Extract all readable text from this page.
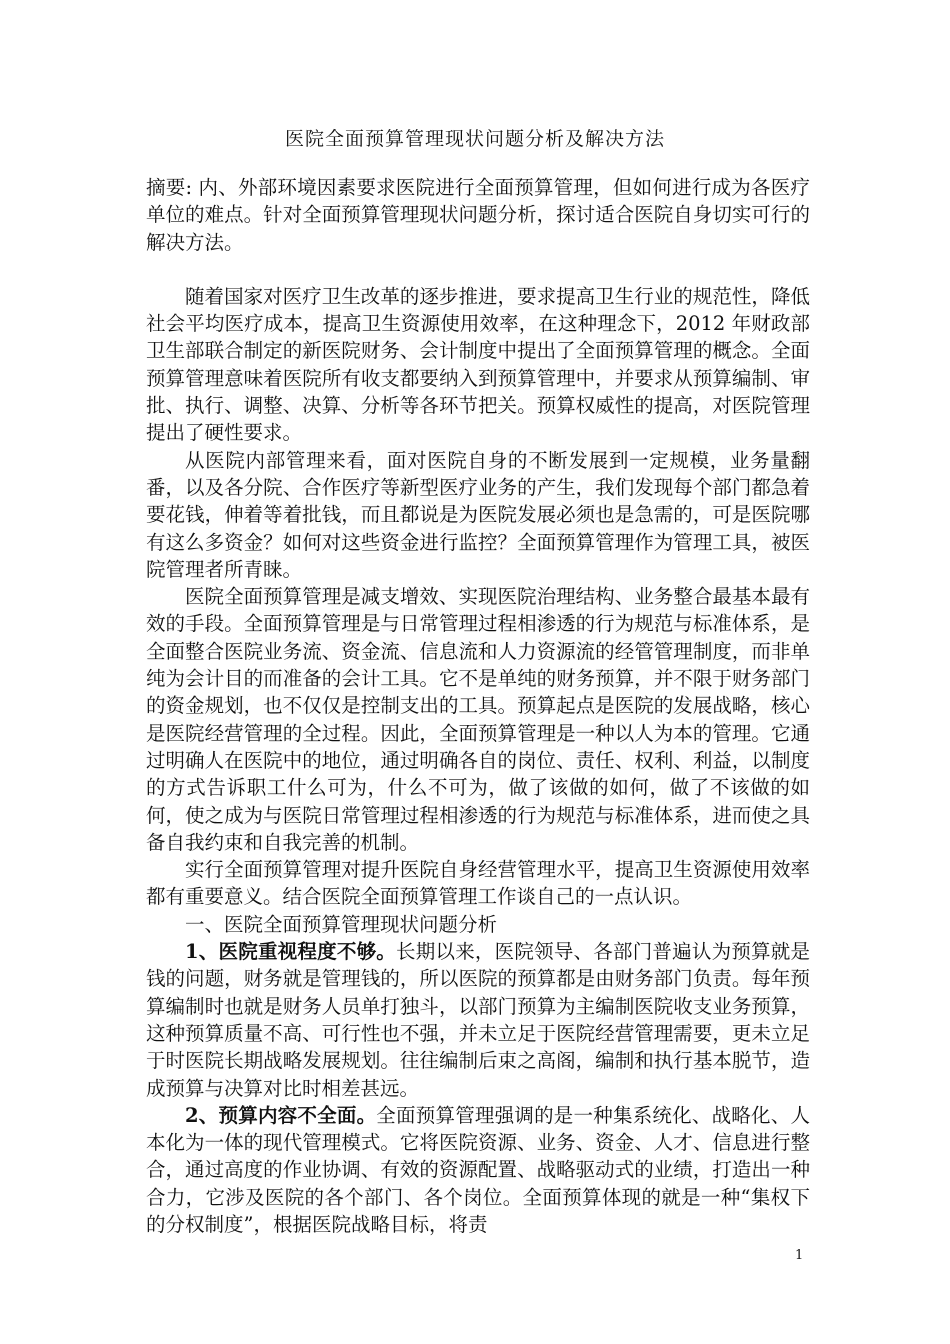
医院全面预算管理现状问题分析及解决方法

摘要: 内、外部环境因素要求医院进行全面预算管理，但如何进行成为各医疗单位的难点。针对全面预算管理现状问题分析，探讨适合医院自身切实可行的解决方法。

随着国家对医疗卫生改革的逐步推进，要求提高卫生行业的规范性，降低社会平均医疗成本，提高卫生资源使用效率，在这种理念下，2012 年财政部卫生部联合制定的新医院财务、会计制度中提出了全面预算管理的概念。全面预算管理意味着医院所有收支都要纳入到预算管理中，并要求从预算编制、审批、执行、调整、决算、分析等各环节把关。预算权威性的提高，对医院管理提出了硬性要求。

从医院内部管理来看，面对医院自身的不断发展到一定规模，业务量翻番，以及各分院、合作医疗等新型医疗业务的产生，我们发现每个部门都急着要花钱，伸着等着批钱，而且都说是为医院发展必须也是急需的，可是医院哪有这么多资金？如何对这些资金进行监控？全面预算管理作为管理工具，被医院管理者所青睐。

医院全面预算管理是减支增效、实现医院治理结构、业务整合最基本最有效的手段。全面预算管理是与日常管理过程相渗透的行为规范与标准体系，是全面整合医院业务流、资金流、信息流和人力资源流的经管管理制度，而非单纯为会计目的而准备的会计工具。它不是单纯的财务预算，并不限于财务部门的资金规划，也不仅仅是控制支出的工具。预算起点是医院的发展战略，核心是医院经营管理的全过程。因此，全面预算管理是一种以人为本的管理。它通过明确人在医院中的地位，通过明确各自的岗位、责任、权利、利益，以制度的方式告诉职工什么可为，什么不可为，做了该做的如何，做了不该做的如何，使之成为与医院日常管理过程相渗透的行为规范与标准体系，进而使之具备自我约束和自我完善的机制。

实行全面预算管理对提升医院自身经营管理水平，提高卫生资源使用效率都有重要意义。结合医院全面预算管理工作谈自己的一点认识。

一、医院全面预算管理现状问题分析

1、医院重视程度不够。长期以来，医院领导、各部门普遍认为预算就是钱的问题，财务就是管理钱的，所以医院的预算都是由财务部门负责。每年预算编制时也就是财务人员单打独斗，以部门预算为主编制医院收支业务预算，这种预算质量不高、可行性也不强，并未立足于医院经营管理需要，更未立足于时医院长期战略发展规划。往往编制后束之高阁，编制和执行基本脱节，造成预算与决算对比时相差甚远。

2、预算内容不全面。全面预算管理强调的是一种集系统化、战略化、人本化为一体的现代管理模式。它将医院资源、业务、资金、人才、信息进行整合，通过高度的作业协调、有效的资源配置、战略驱动式的业绩，打造出一种合力，它涉及医院的各个部门、各个岗位。全面预算体现的就是一种“集权下的分权制度”，根据医院战略目标，将责

1
